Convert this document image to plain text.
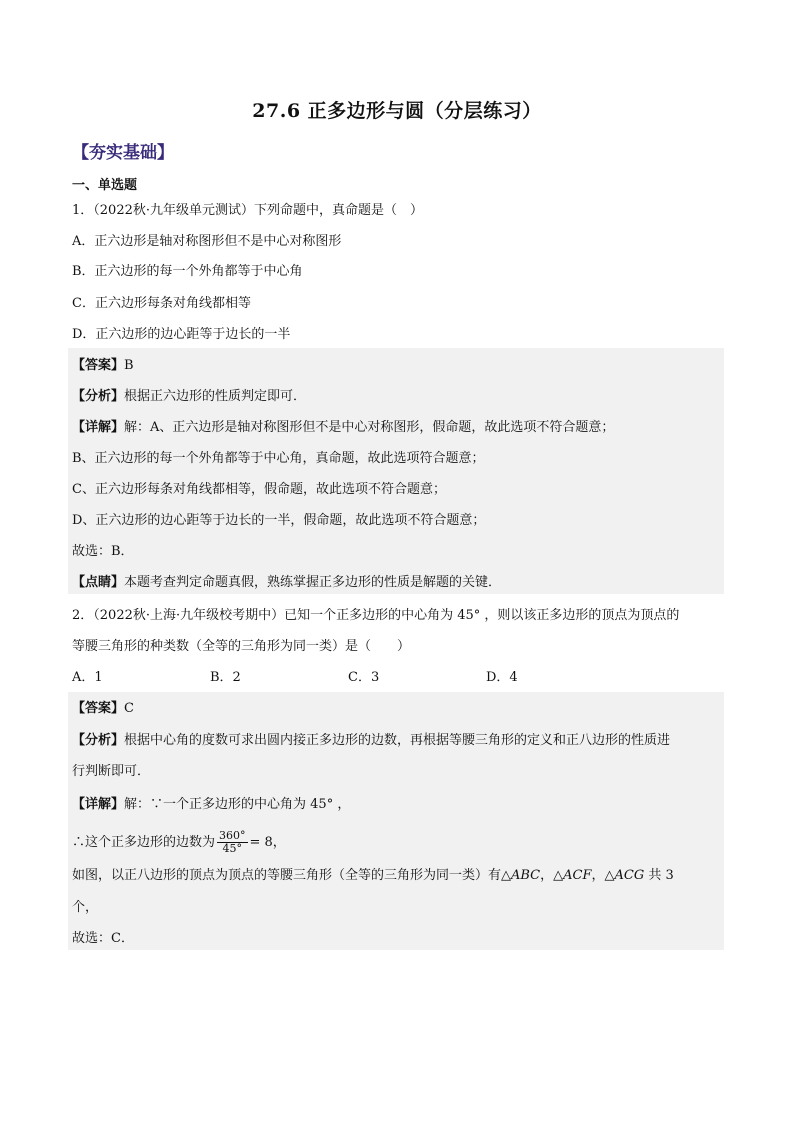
27.6 正多边形与圆（分层练习）
【夯实基础】
一、单选题
1．（2022秋·九年级单元测试）下列命题中，真命题是（　）
A．正六边形是轴对称图形但不是中心对称图形
B．正六边形的每一个外角都等于中心角
C．正六边形每条对角线都相等
D．正六边形的边心距等于边长的一半
【答案】B
【分析】根据正六边形的性质判定即可．
【详解】解：A、正六边形是轴对称图形但不是中心对称图形，假命题，故此选项不符合题意；
B、正六边形的每一个外角都等于中心角，真命题，故此选项符合题意；
C、正六边形每条对角线都相等，假命题，故此选项不符合题意；
D、正六边形的边心距等于边长的一半，假命题，故此选项不符合题意；
故选：B．
【点睛】本题考查判定命题真假，熟练掌握正多边形的性质是解题的关键．
2．（2022秋·上海·九年级校考期中）已知一个正多边形的中心角为 45° ，则以该正多边形的顶点为顶点的
等腰三角形的种类数（全等的三角形为同一类）是（　　）
A．1	B．2	C．3	D．4
【答案】C
【分析】根据中心角的度数可求出圆内接正多边形的边数，再根据等腰三角形的定义和正八边形的性质进
行判断即可．
【详解】解：∵一个正多边形的中心角为 45° ，
∴这个正多边形的边数为 $\frac{360^\circ}{45^\circ} = 8$，
如图，以正八边形的顶点为顶点的等腰三角形（全等的三角形为同一类）有△ABC，△ACF，△ACG 共 3
个，
故选：C．
